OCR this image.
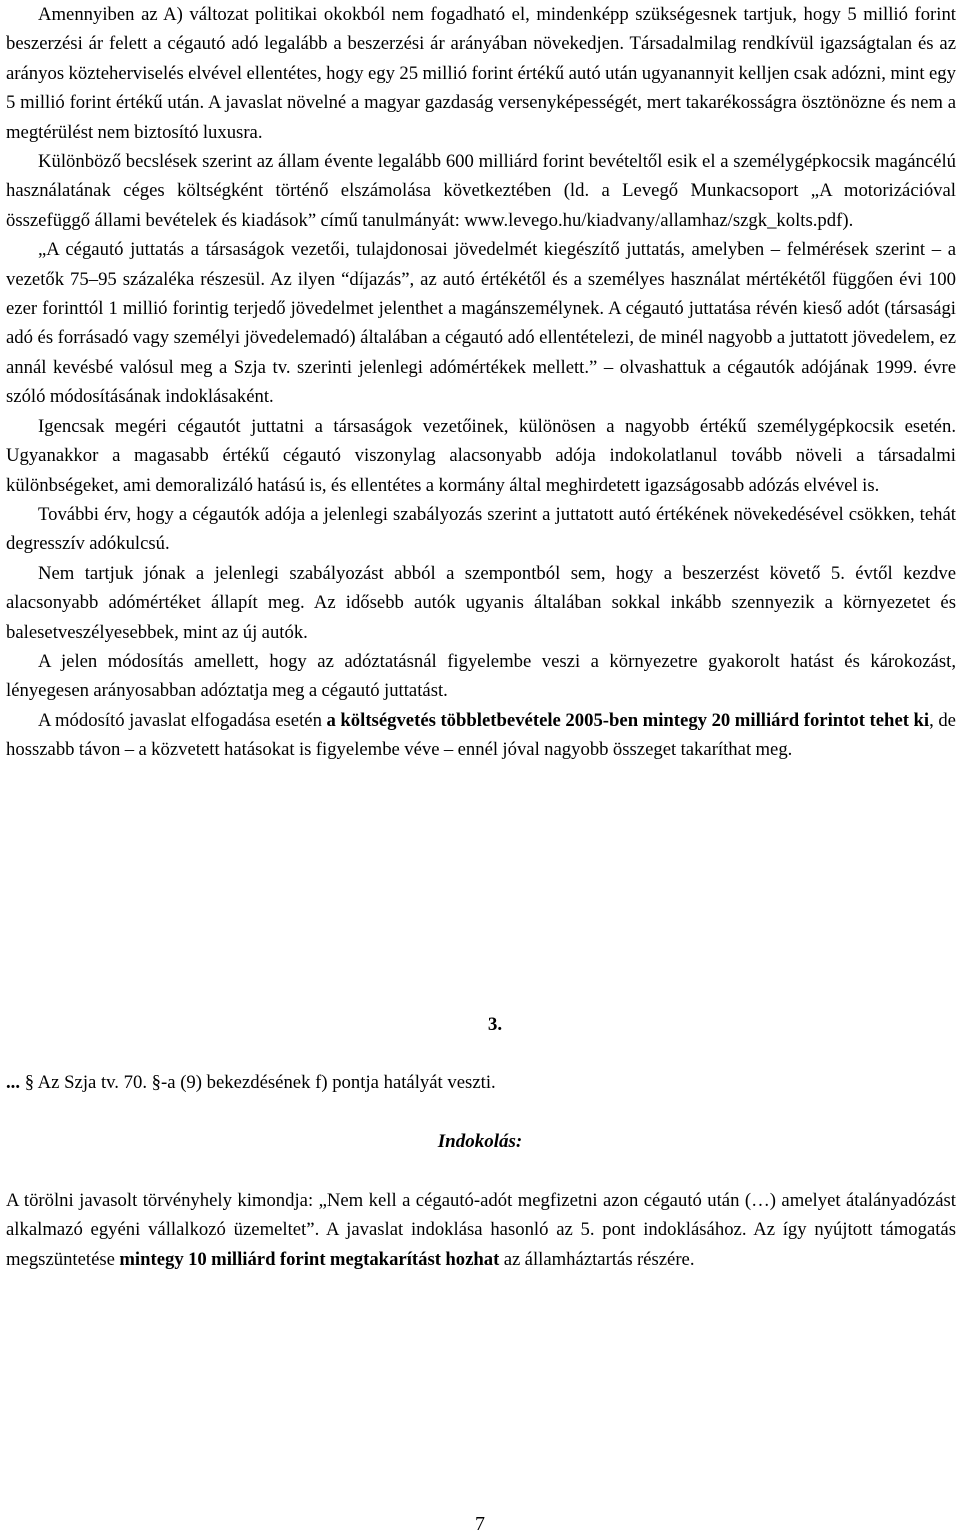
Amennyiben az A) változat politikai okokból nem fogadható el, mindenképp szükségesnek tartjuk, hogy 5 millió forint beszerzési ár felett a cégautó adó legalább a beszerzési ár arányában növekedjen. Társadalmilag rendkívül igazságtalan és az arányos közteherviselés elvével ellentétes, hogy egy 25 millió forint értékű autó után ugyanannyit kelljen csak adózni, mint egy 5 millió forint értékű után. A javaslat növelné a magyar gazdaság versenyképességét, mert takarékosságra ösztönözne és nem a megtérülést nem biztosító luxusra.

Különböző becslések szerint az állam évente legalább 600 milliárd forint bevételtől esik el a személygépkocsik magáncélú használatának céges költségként történő elszámolása következtében (ld. a Levegő Munkacsoport „A motorizációval összefüggő állami bevételek és kiadások” című tanulmányát: www.levego.hu/kiadvany/allamhaz/szgk_kolts.pdf).

„A cégautó juttatás a társaságok vezetői, tulajdonosai jövedelmét kiegészítő juttatás, amelyben – felmérések szerint – a vezetők 75–95 százaléka részesül. Az ilyen “díjazás”, az autó értékétől és a személyes használat mértékétől függően évi 100 ezer forinttól 1 millió forintig terjedő jövedelmet jelenthet a magánszemélynek. A cégautó juttatása révén kieső adót (társasági adó és forrásadó vagy személyi jövedelemadó) általában a cégautó adó ellentételezi, de minél nagyobb a juttatott jövedelem, ez annál kevésbé valósul meg a Szja tv. szerinti jelenlegi adómértékek mellett.” – olvashattuk a cégautók adójának 1999. évre szóló módosításának indoklásaként.

Igencsak megéri cégautót juttatni a társaságok vezetőinek, különösen a nagyobb értékű személygépkocsik esetén. Ugyanakkor a magasabb értékű cégautó viszonylag alacsonyabb adója indokolatlanul tovább növeli a társadalmi különbségeket, ami demoralizáló hatású is, és ellentétes a kormány által meghirdetett igazságosabb adózás elvével is.

További érv, hogy a cégautók adója a jelenlegi szabályozás szerint a juttatott autó értékének növekedésével csökken, tehát degresszív adókulcsú.

Nem tartjuk jónak a jelenlegi szabályozást abból a szempontból sem, hogy a beszerzést követő 5. évtől kezdve alacsonyabb adómértéket állapít meg. Az idősebb autók ugyanis általában sokkal inkább szennyezik a környezetet és balesetveszélyesebbek, mint az új autók.

A jelen módosítás amellett, hogy az adóztatásnál figyelembe veszi a környezetre gyakorolt hatást és károkozást, lényegesen arányosabban adóztatja meg a cégautó juttatást.

A módosító javaslat elfogadása esetén a költségvetés többletbevétele 2005-ben mintegy 20 milliárd forintot tehet ki, de hosszabb távon – a közvetett hatásokat is figyelembe véve – ennél jóval nagyobb összeget takaríthat meg.

3.
... § Az Szja tv. 70. §-a (9) bekezdésének f) pontja hatályát veszti.
Indokolás:

A törölni javasolt törvényhely kimondja: „Nem kell a cégautó-adót megfizetni azon cégautó után (…) amelyet átalányadózást alkalmazó egyéni vállalkozó üzemeltet”. A javaslat indoklása hasonló az 5. pont indoklásához. Az így nyújtott támogatás megszüntetése mintegy 10 milliárd forint megtakarítást hozhat az államháztartás részére.

7
